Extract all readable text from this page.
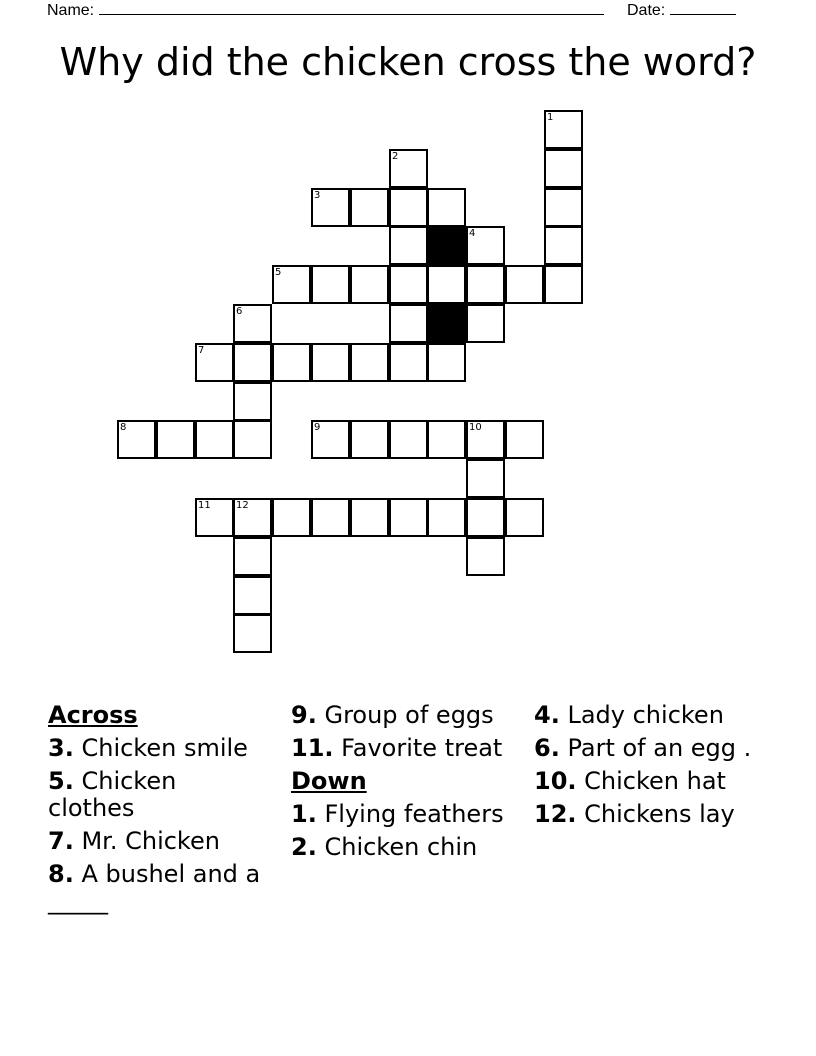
Name:	Date:
Why did the chicken cross the word?
1
2
3
4
5
6
7
8	9	10
11	12
Across
3. Chicken smile
5. Chicken clothes
7. Mr. Chicken
8. A bushel and a _____
9. Group of eggs
11. Favorite treat
Down
1. Flying feathers
2. Chicken chin
4. Lady chicken
6. Part of an egg .
10. Chicken hat
12. Chickens lay
